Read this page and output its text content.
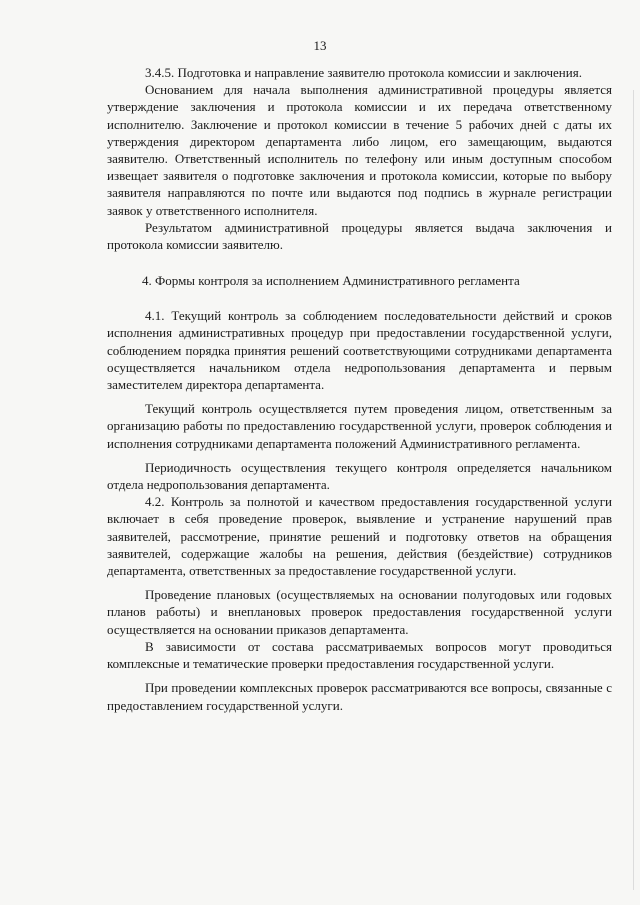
13

3.4.5. Подготовка и направление заявителю протокола комиссии и заключения.

Основанием для начала выполнения административной процедуры является утверждение заключения и протокола комиссии и их передача ответственному исполнителю. Заключение и протокол комиссии в течение 5 рабочих дней с даты их утверждения директором департамента либо лицом, его замещающим, выдаются заявителю. Ответственный исполнитель по телефону или иным доступным способом извещает заявителя о подготовке заключения и протокола комиссии, которые по выбору заявителя направляются по почте или выдаются под подпись в журнале регистрации заявок у ответственного исполнителя.

Результатом административной процедуры является выдача заключения и протокола комиссии заявителю.

4. Формы контроля за исполнением Административного регламента

4.1. Текущий контроль за соблюдением последовательности действий и сроков исполнения административных процедур при предоставлении государственной услуги, соблюдением порядка принятия решений соответствующими сотрудниками департамента осуществляется начальником отдела недропользования департамента и первым заместителем директора департамента.

Текущий контроль осуществляется путем проведения лицом, ответственным за организацию работы по предоставлению государственной услуги, проверок соблюдения и исполнения сотрудниками департамента положений Административного регламента.

Периодичность осуществления текущего контроля определяется начальником отдела недропользования департамента.

4.2. Контроль за полнотой и качеством предоставления государственной услуги включает в себя проведение проверок, выявление и устранение нарушений прав заявителей, рассмотрение, принятие решений и подготовку ответов на обращения заявителей, содержащие жалобы на решения, действия (бездействие) сотрудников департамента, ответственных за предоставление государственной услуги.

Проведение плановых (осуществляемых на основании полугодовых или годовых планов работы) и внеплановых проверок предоставления государственной услуги осуществляется на основании приказов департамента.

В зависимости от состава рассматриваемых вопросов могут проводиться комплексные и тематические проверки предоставления государственной услуги.

При проведении комплексных проверок рассматриваются все вопросы, связанные с предоставлением государственной услуги.
